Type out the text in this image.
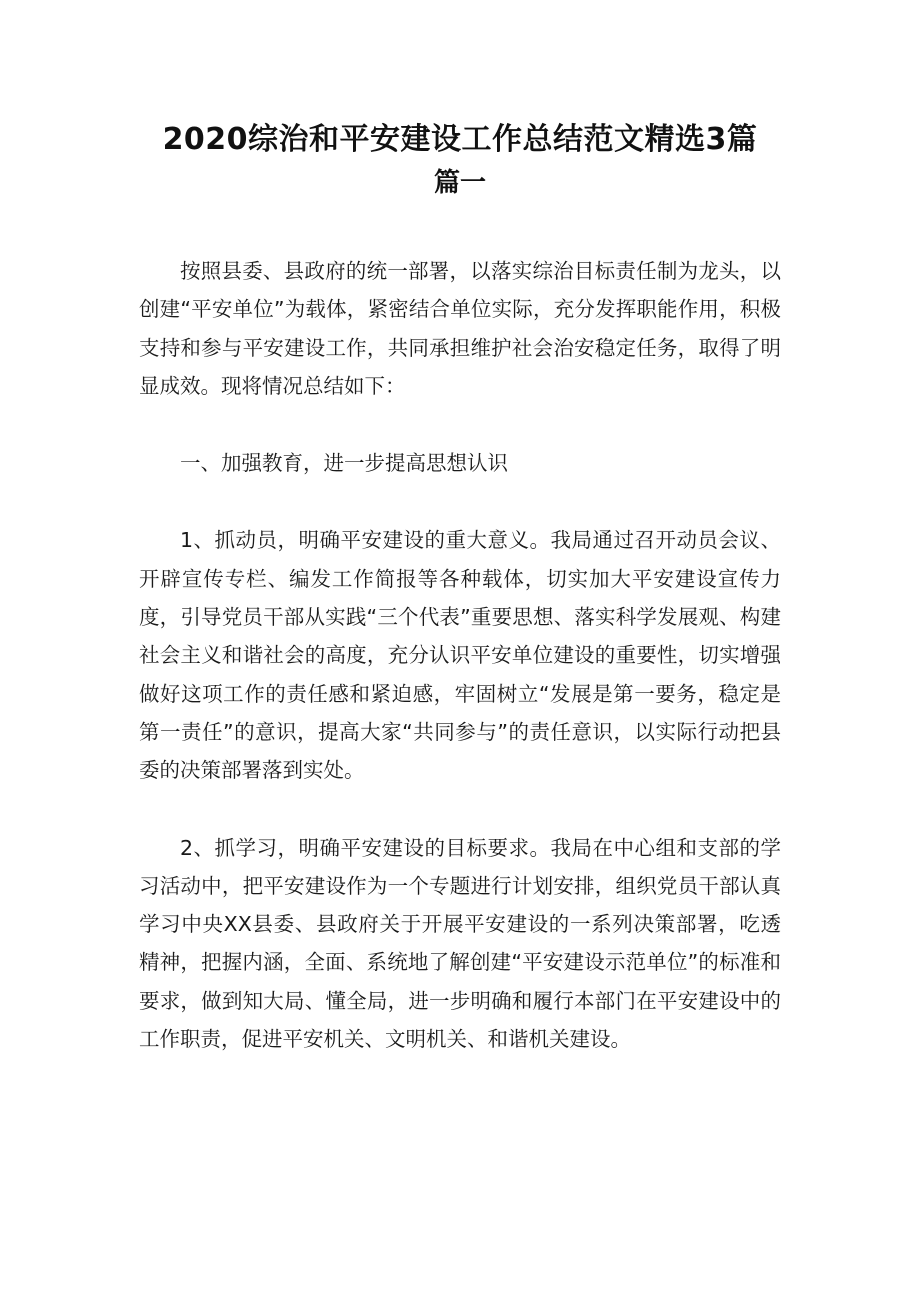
2020综治和平安建设工作总结范文精选3篇
篇一

按照县委、县政府的统一部署，以落实综治目标责任制为龙头，以创建“平安单位”为载体，紧密结合单位实际，充分发挥职能作用，积极支持和参与平安建设工作，共同承担维护社会治安稳定任务，取得了明显成效。现将情况总结如下：

一、加强教育，进一步提高思想认识

1、抓动员，明确平安建设的重大意义。我局通过召开动员会议、开辟宣传专栏、编发工作简报等各种载体，切实加大平安建设宣传力度，引导党员干部从实践“三个代表”重要思想、落实科学发展观、构建社会主义和谐社会的高度，充分认识平安单位建设的重要性，切实增强做好这项工作的责任感和紧迫感，牢固树立“发展是第一要务，稳定是第一责任”的意识，提高大家“共同参与”的责任意识，以实际行动把县委的决策部署落到实处。

2、抓学习，明确平安建设的目标要求。我局在中心组和支部的学习活动中，把平安建设作为一个专题进行计划安排，组织党员干部认真学习中央XX县委、县政府关于开展平安建设的一系列决策部署，吃透精神，把握内涵，全面、系统地了解创建“平安建设示范单位”的标准和要求，做到知大局、懂全局，进一步明确和履行本部门在平安建设中的工作职责，促进平安机关、文明机关、和谐机关建设。
